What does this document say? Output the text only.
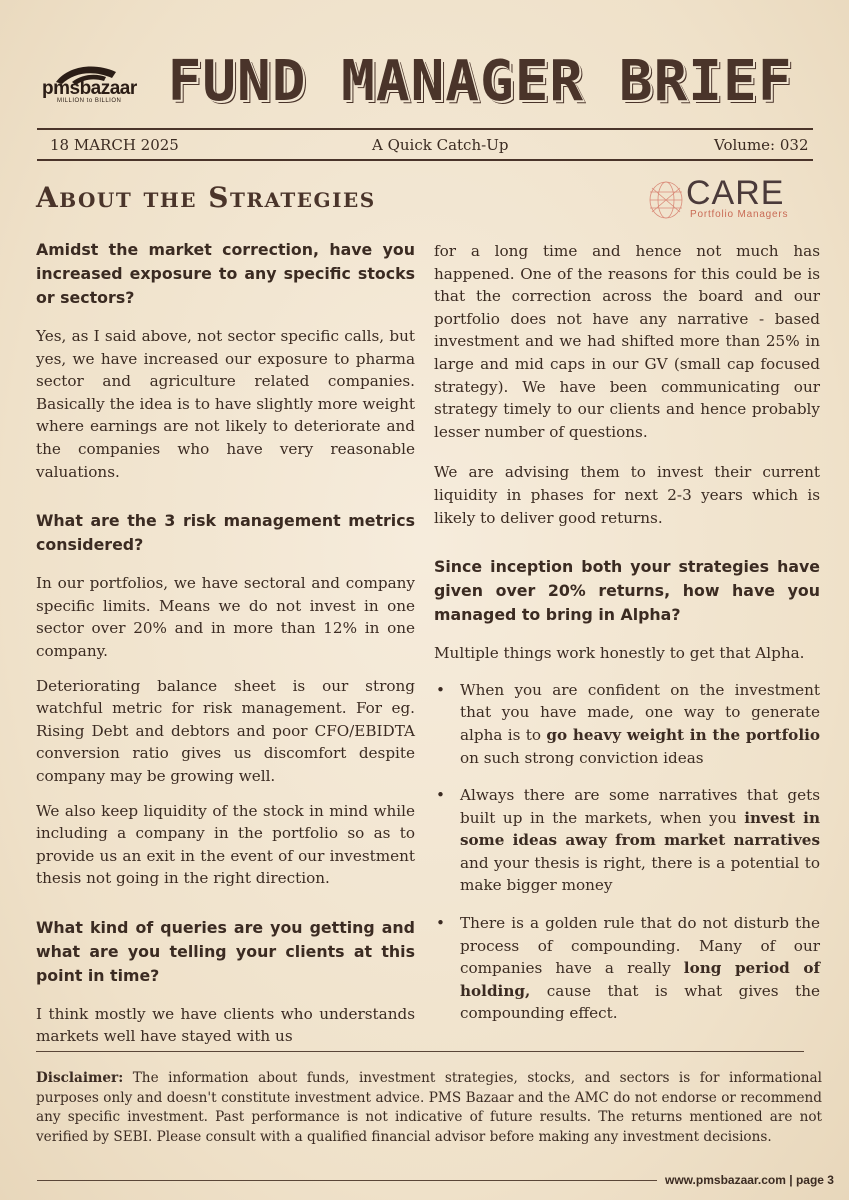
pmsbazaar
MILLION to BILLION FUND MANAGER BRIEF
18 MARCH 2025	A Quick Catch-Up	Volume: 032
About the Strategies	CARE
Portfolio Managers

Amidst the market correction, have you increased exposure to any specific stocks or sectors?

Yes, as I said above, not sector specific calls, but yes, we have increased our exposure to pharma sector and agriculture related companies. Basically the idea is to have slightly more weight where earnings are not likely to deteriorate and the companies who have very reasonable valuations.

What are the 3 risk management metrics considered?

In our portfolios, we have sectoral and company specific limits. Means we do not invest in one sector over 20% and in more than 12% in one company.

Deteriorating balance sheet is our strong watchful metric for risk management. For eg. Rising Debt and debtors and poor CFO/EBIDTA conversion ratio gives us discomfort despite company may be growing well.

We also keep liquidity of the stock in mind while including a company in the portfolio so as to provide us an exit in the event of our investment thesis not going in the right direction.

What kind of queries are you getting and what are you telling your clients at this point in time?

I think mostly we have clients who understands markets well have stayed with us

for a long time and hence not much has happened. One of the reasons for this could be is that the correction across the board and our portfolio does not have any narrative - based investment and we had shifted more than 25% in large and mid caps in our GV (small cap focused strategy). We have been communicating our strategy timely to our clients and hence probably lesser number of questions.

We are advising them to invest their current liquidity in phases for next 2-3 years which is likely to deliver good returns.

Since inception both your strategies have given over 20% returns, how have you managed to bring in Alpha?

Multiple things work honestly to get that Alpha.

• When you are confident on the investment that you have made, one way to generate alpha is to go heavy weight in the portfolio on such strong conviction ideas
• Always there are some narratives that gets built up in the markets, when you invest in some ideas away from market narratives and your thesis is right, there is a potential to make bigger money
• There is a golden rule that do not disturb the process of compounding. Many of our companies have a really long period of holding, cause that is what gives the compounding effect.
Disclaimer: The information about funds, investment strategies, stocks, and sectors is for informational purposes only and doesn't constitute investment advice. PMS Bazaar and the AMC do not endorse or recommend any specific investment. Past performance is not indicative of future results. The returns mentioned are not verified by SEBI. Please consult with a qualified financial advisor before making any investment decisions.
www.pmsbazaar.com | page 3
